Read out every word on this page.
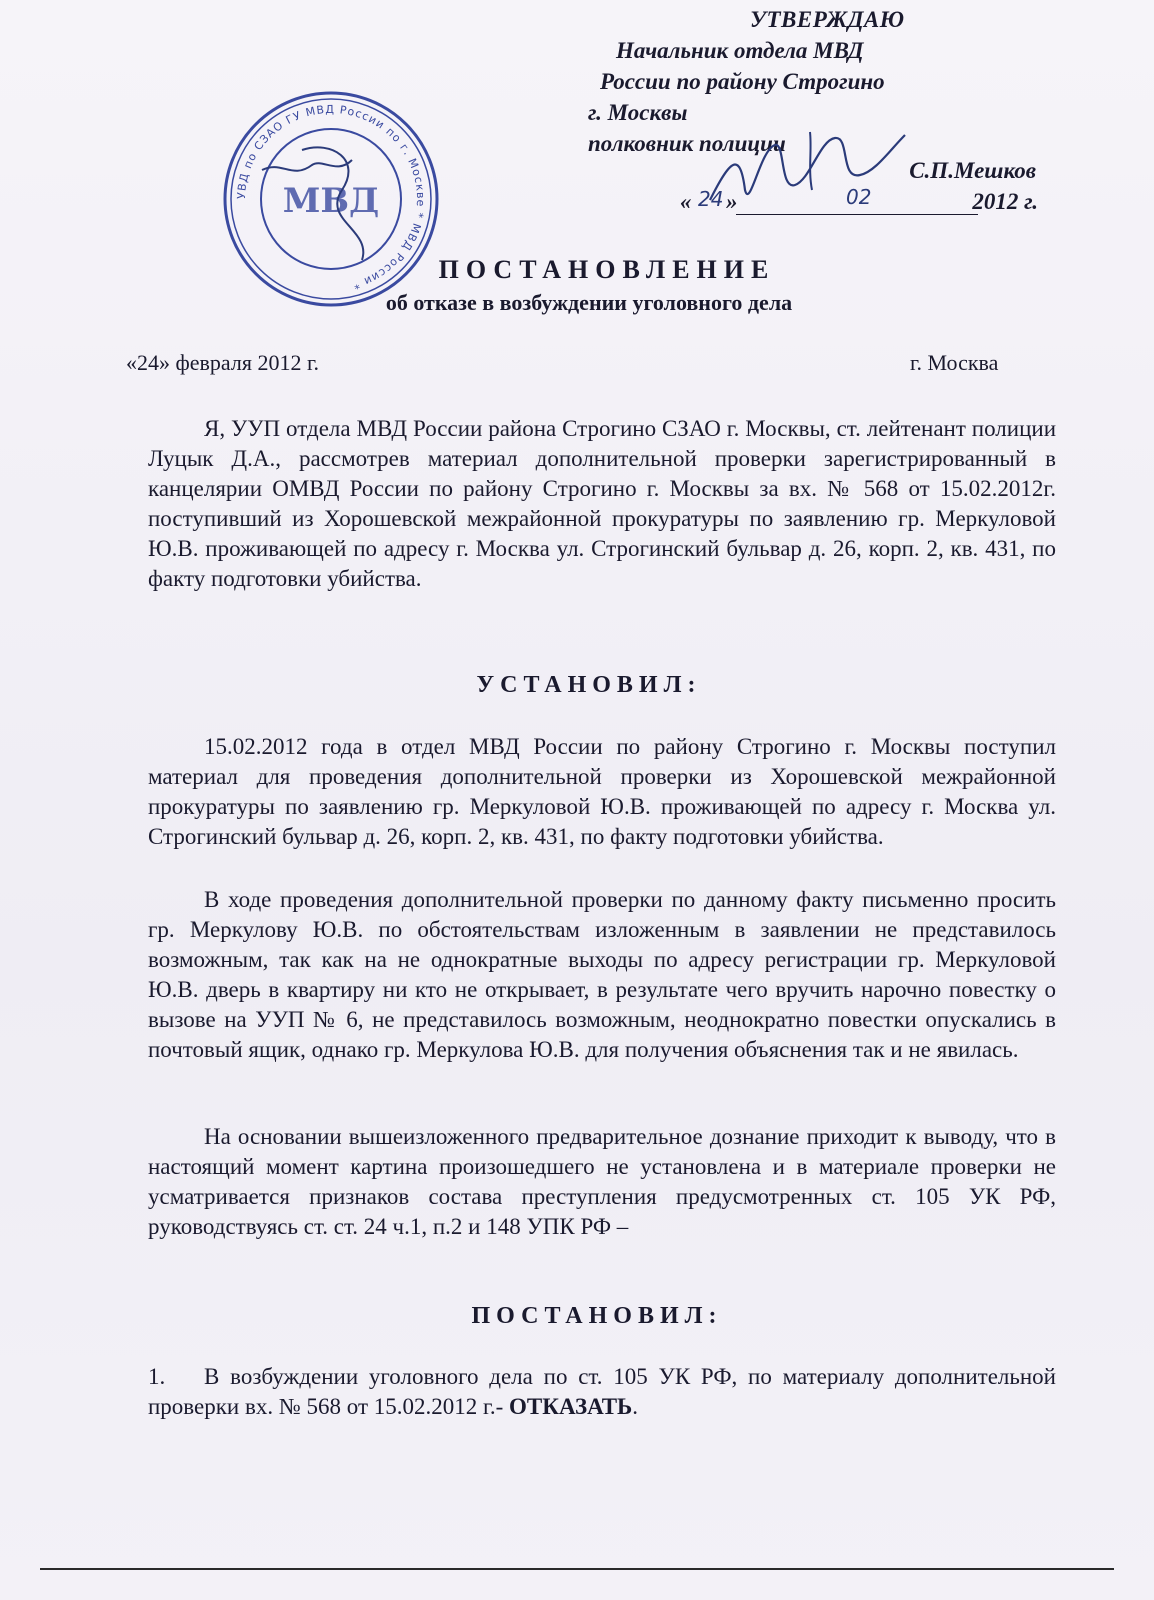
УТВЕРЖДАЮ
Начальник отдела МВД
России по району Строгино
г. Москвы
полковник полиции
С.П.Мешков
« 24 »	02	2012 г.
УВД по СЗАО ГУ МВД России по г. Москве * МВД России *
МВД
ПОСТАНОВЛЕНИЕ
об отказе в возбуждении уголовного дела
«24» февраля 2012 г.	г. Москва
Я, УУП отдела МВД России района Строгино СЗАО г. Москвы, ст. лейтенант полиции Луцык Д.А., рассмотрев материал дополнительной проверки зарегистрированный в канцелярии ОМВД России по району Строгино г. Москвы за вх. № 568 от 15.02.2012г. поступивший из Хорошевской межрайонной прокуратуры по заявлению гр. Меркуловой Ю.В. проживающей по адресу г. Москва ул. Строгинский бульвар д. 26, корп. 2, кв. 431, по факту подготовки убийства.
УСТАНОВИЛ:
15.02.2012 года в отдел МВД России по району Строгино г. Москвы поступил материал для проведения дополнительной проверки из Хорошевской межрайонной прокуратуры по заявлению гр. Меркуловой Ю.В. проживающей по адресу г. Москва ул. Строгинский бульвар д. 26, корп. 2, кв. 431, по факту подготовки убийства.
В ходе проведения дополнительной проверки по данному факту письменно просить гр. Меркулову Ю.В. по обстоятельствам изложенным в заявлении не представилось возможным, так как на не однократные выходы по адресу регистрации гр. Меркуловой Ю.В. дверь в квартиру ни кто не открывает, в результате чего вручить нарочно повестку о вызове на УУП № 6, не представилось возможным, неоднократно повестки опускались в почтовый ящик, однако гр. Меркулова Ю.В. для получения объяснения так и не явилась.
На основании вышеизложенного предварительное дознание приходит к выводу, что в настоящий момент картина произошедшего не установлена и в материале проверки не усматривается признаков состава преступления предусмотренных ст. 105 УК РФ, руководствуясь ст. ст. 24 ч.1, п.2 и 148 УПК РФ –
ПОСТАНОВИЛ:
1. В возбуждении уголовного дела по ст. 105 УК РФ, по материалу дополнительной проверки вх. № 568 от 15.02.2012 г.- ОТКАЗАТЬ.
